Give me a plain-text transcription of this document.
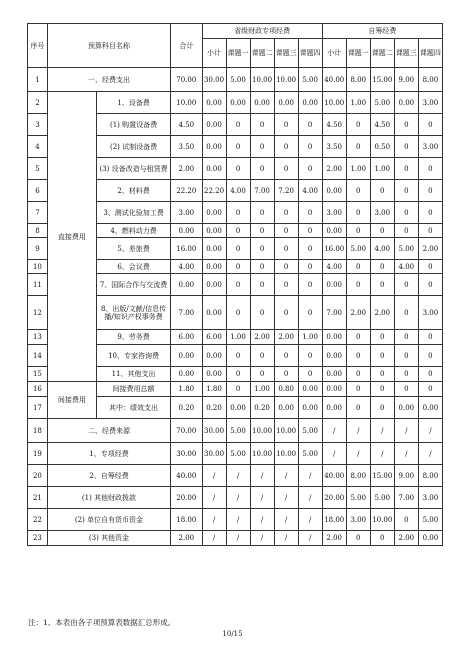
序号	预算科目名称		合计	省级财政专项经费					自筹经费				
				小计	课题一	课题二	课题三	课题四	小计	课题一	课题二	课题三	课题四
1	一、经费支出		70.00	30.00	5.00	10.00	10.00	5.00	40.00	8.00	15.00	9.00	8.00
2	直接费用	1、设备费	10.00	0.00	0.00	0.00	0.00	0.00	10.00	1.00	5.00	0.00	3.00
3		(1) 购置设备费	4.50	0.00	0	0	0	0	4.50	0	4.50	0	0
4		(2) 试制设备费	3.50	0.00	0	0	0	0	3.50	0	0.50	0	3.00
5		(3) 设备改造与租赁费	2.00	0.00	0	0	0	0	2.00	1.00	1.00	0	0
6		2、材料费	22.20	22.20	4.00	7.00	7.20	4.00	0.00	0	0	0	0
7		3、测试化验加工费	3.00	0.00	0	0	0	0	3.00	0	3.00	0	0
8		4、燃料动力费	0.00	0.00	0	0	0	0	0.00	0	0	0	0
9		5、差旅费	16.00	0.00	0	0	0	0	16.00	5.00	4.00	5.00	2.00
10		6、会议费	4.00	0.00	0	0	0	0	4.00	0	0	4.00	0
11		7、国际合作与交流费	0.00	0.00	0	0	0	0	0.00	0	0	0	0
12		8、出版/文献/信息传播/知识产权事务费	7.00	0.00	0	0	0	0	7.00	2.00	2.00	0	3.00
13		9、劳务费	6.00	6.00	1.00	2.00	2.00	1.00	0.00	0	0	0	0
14		10、专家咨询费	0.00	0.00	0	0	0	0	0.00	0	0	0	0
15		11、其他支出	0.00	0.00	0	0	0	0	0.00	0	0	0	0
16	间接费用	间接费用总额	1.80	1.80	0	1.00	0.80	0.00	0.00	0	0	0	0
17		其中：绩效支出	0.20	0.20	0.00	0.20	0.00	0.00	0.00	0	0	0.00	0.00
18	二、经费来源		70.00	30.00	5.00	10.00	10.00	5.00	/	/	/	/	/
19	1、专项经费		30.00	30.00	5.00	10.00	10.00	5.00	/	/	/	/	/
20	2、自筹经费		40.00	/	/	/	/	/	40.00	8.00	15.00	9.00	8.00
21	(1) 其他财政拨款		20.00	/	/	/	/	/	20.00	5.00	5.00	7.00	3.00
22	(2) 单位自有货币资金		18.00	/	/	/	/	/	18.00	3.00	10.00	0	5.00
23	(3) 其他资金		2.00	/	/	/	/	/	2.00	0	0	2.00	0.00
注：1、本表由各子项预算表数据汇总形成。
10/15
